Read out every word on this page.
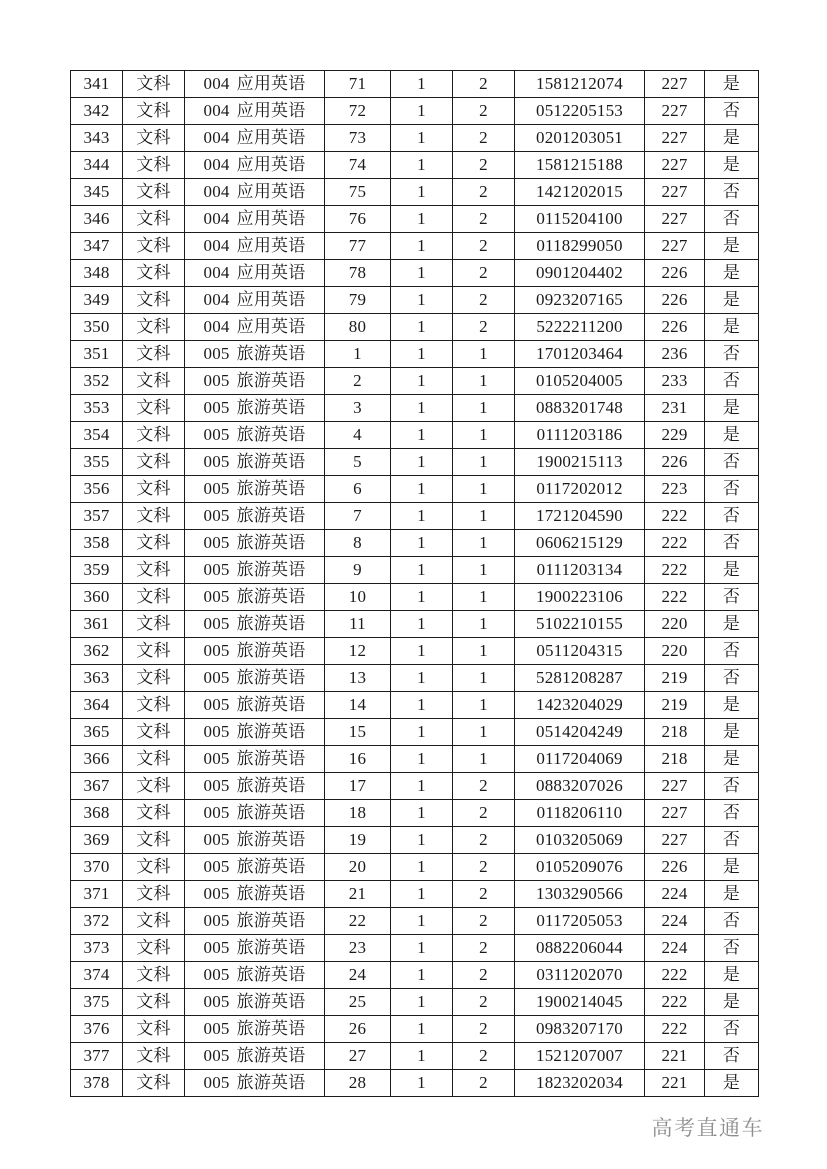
341	文科	004 应用英语	71	1	2	1581212074	227	是
342	文科	004 应用英语	72	1	2	0512205153	227	否
343	文科	004 应用英语	73	1	2	0201203051	227	是
344	文科	004 应用英语	74	1	2	1581215188	227	是
345	文科	004 应用英语	75	1	2	1421202015	227	否
346	文科	004 应用英语	76	1	2	0115204100	227	否
347	文科	004 应用英语	77	1	2	0118299050	227	是
348	文科	004 应用英语	78	1	2	0901204402	226	是
349	文科	004 应用英语	79	1	2	0923207165	226	是
350	文科	004 应用英语	80	1	2	5222211200	226	是
351	文科	005 旅游英语	1	1	1	1701203464	236	否
352	文科	005 旅游英语	2	1	1	0105204005	233	否
353	文科	005 旅游英语	3	1	1	0883201748	231	是
354	文科	005 旅游英语	4	1	1	0111203186	229	是
355	文科	005 旅游英语	5	1	1	1900215113	226	否
356	文科	005 旅游英语	6	1	1	0117202012	223	否
357	文科	005 旅游英语	7	1	1	1721204590	222	否
358	文科	005 旅游英语	8	1	1	0606215129	222	否
359	文科	005 旅游英语	9	1	1	0111203134	222	是
360	文科	005 旅游英语	10	1	1	1900223106	222	否
361	文科	005 旅游英语	11	1	1	5102210155	220	是
362	文科	005 旅游英语	12	1	1	0511204315	220	否
363	文科	005 旅游英语	13	1	1	5281208287	219	否
364	文科	005 旅游英语	14	1	1	1423204029	219	是
365	文科	005 旅游英语	15	1	1	0514204249	218	是
366	文科	005 旅游英语	16	1	1	0117204069	218	是
367	文科	005 旅游英语	17	1	2	0883207026	227	否
368	文科	005 旅游英语	18	1	2	0118206110	227	否
369	文科	005 旅游英语	19	1	2	0103205069	227	否
370	文科	005 旅游英语	20	1	2	0105209076	226	是
371	文科	005 旅游英语	21	1	2	1303290566	224	是
372	文科	005 旅游英语	22	1	2	0117205053	224	否
373	文科	005 旅游英语	23	1	2	0882206044	224	否
374	文科	005 旅游英语	24	1	2	0311202070	222	是
375	文科	005 旅游英语	25	1	2	1900214045	222	是
376	文科	005 旅游英语	26	1	2	0983207170	222	否
377	文科	005 旅游英语	27	1	2	1521207007	221	否
378	文科	005 旅游英语	28	1	2	1823202034	221	是
高考直通车
